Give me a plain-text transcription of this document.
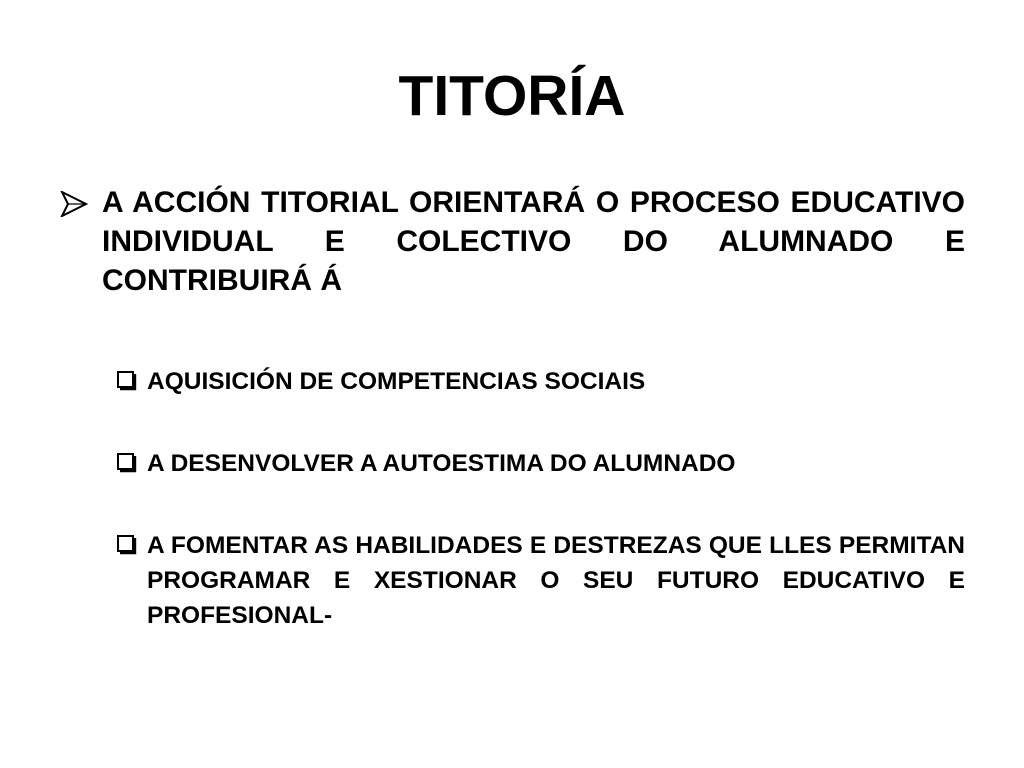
TITORÍA

A ACCIÓN TITORIAL ORIENTARÁ O PROCESO EDUCATIVO INDIVIDUAL E COLECTIVO DO ALUMNADO E CONTRIBUIRÁ Á

AQUISICIÓN DE COMPETENCIAS SOCIAIS

A DESENVOLVER A AUTOESTIMA DO ALUMNADO

A FOMENTAR AS HABILIDADES E DESTREZAS QUE LLES PERMITAN PROGRAMAR E XESTIONAR O SEU FUTURO EDUCATIVO E PROFESIONAL-
